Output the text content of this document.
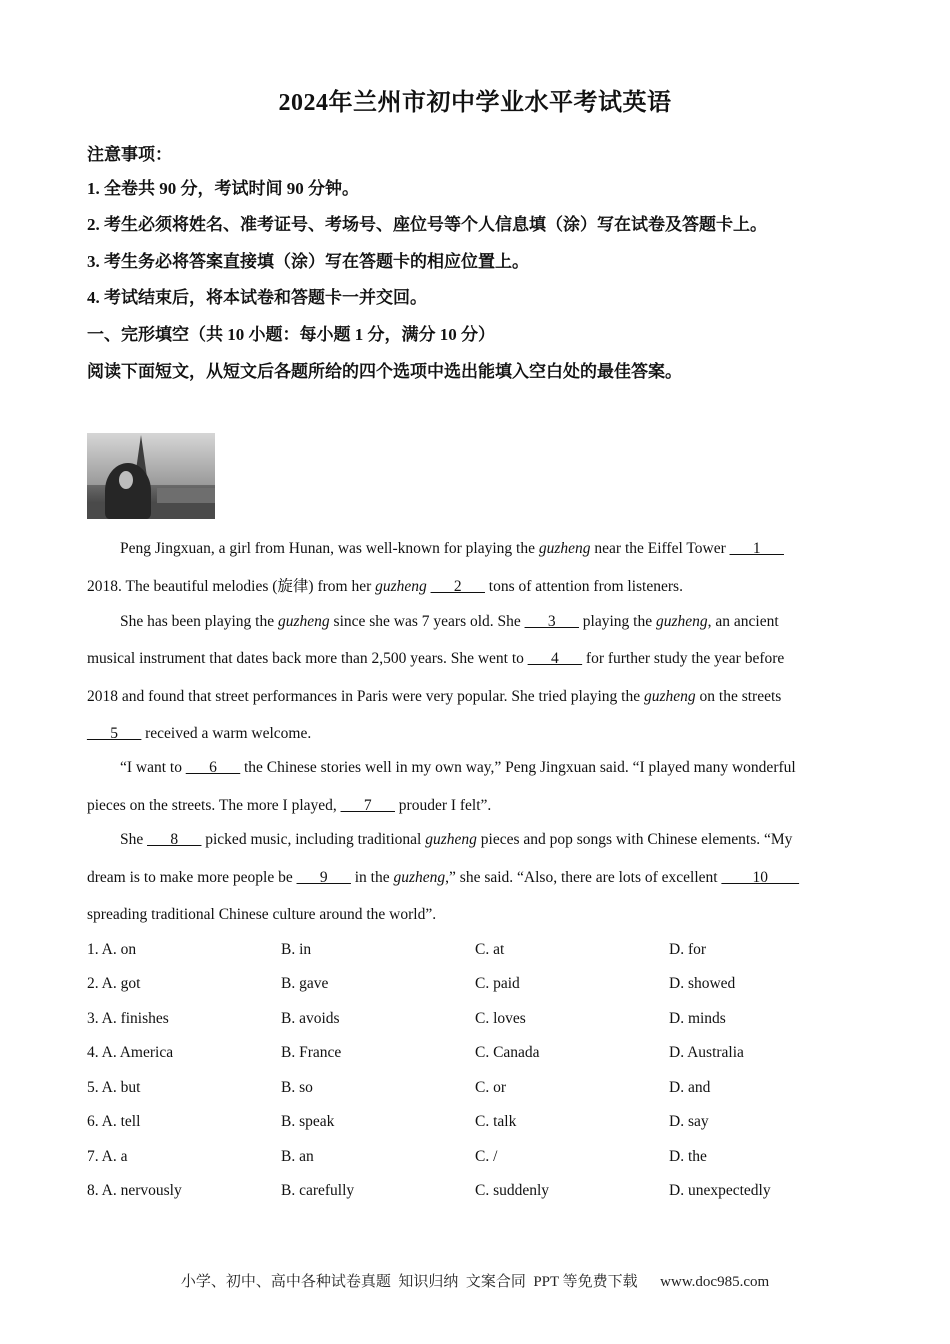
2024年兰州市初中学业水平考试英语
注意事项：
1. 全卷共 90 分，考试时间 90 分钟。
2. 考生必须将姓名、准考证号、考场号、座位号等个人信息填（涂）写在试卷及答题卡上。
3. 考生务必将答案直接填（涂）写在答题卡的相应位置上。
4. 考试结束后，将本试卷和答题卡一并交回。
一、完形填空（共 10 小题：每小题 1 分，满分 10 分）
阅读下面短文，从短文后各题所给的四个选项中选出能填入空白处的最佳答案。
Peng Jingxuan, a girl from Hunan, was well-known for playing the guzheng near the Eiffel Tower ___1___
2018. The beautiful melodies (旋律) from her guzheng ___2___ tons of attention from listeners.
She has been playing the guzheng since she was 7 years old. She ___3___ playing the guzheng, an ancient
musical instrument that dates back more than 2,500 years. She went to ___4___ for further study the year before
2018 and found that street performances in Paris were very popular. She tried playing the guzheng on the streets
___5___ received a warm welcome.
“I want to ___6___ the Chinese stories well in my own way,” Peng Jingxuan said. “I played many wonderful
pieces on the streets. The more I played, ___7___ prouder I felt”.
She ___8___ picked music, including traditional guzheng pieces and pop songs with Chinese elements. “My
dream is to make more people be ___9___ in the guzheng,” she said. “Also, there are lots of excellent ____10____
spreading traditional Chinese culture around the world”.
1. A. on	B. in	C. at	D. for
2. A. got	B. gave	C. paid	D. showed
3. A. finishes	B. avoids	C. loves	D. minds
4. A. America	B. France	C. Canada	D. Australia
5. A. but	B. so	C. or	D. and
6. A. tell	B. speak	C. talk	D. say
7. A. a	B. an	C. /	D. the
8. A. nervously	B. carefully	C. suddenly	D. unexpectedly
小学、初中、高中各种试卷真题  知识归纳  文案合同  PPT 等免费下载      www.doc985.com
